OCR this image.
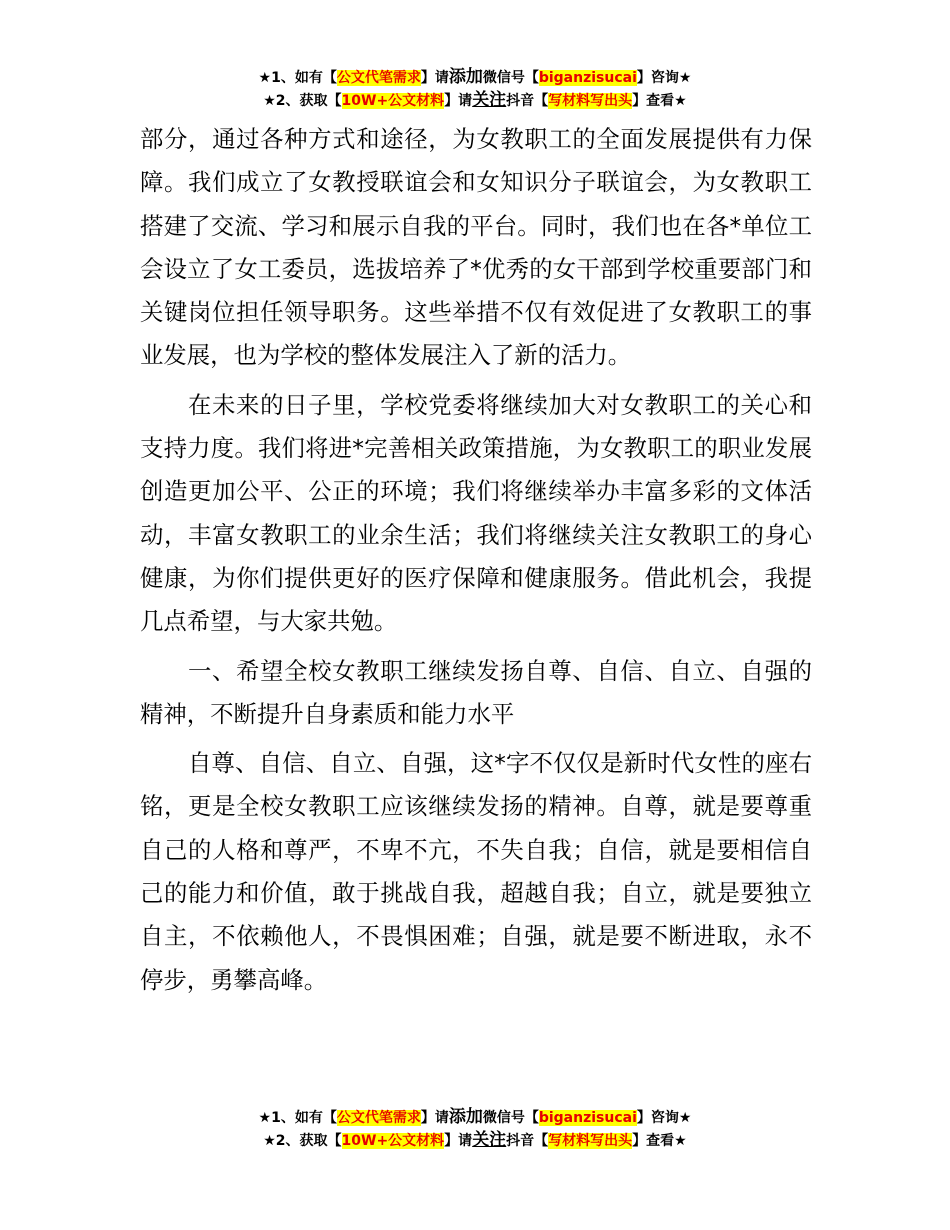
★1、如有【公文代笔需求】请添加微信号【biganzisucai】咨询★
★2、获取【10W+公文材料】请关注抖音【写材料写出头】查看★

部分，通过各种方式和途径，为女教职工的全面发展提供有力保障。我们成立了女教授联谊会和女知识分子联谊会，为女教职工搭建了交流、学习和展示自我的平台。同时，我们也在各*单位工会设立了女工委员，选拔培养了*优秀的女干部到学校重要部门和关键岗位担任领导职务。这些举措不仅有效促进了女教职工的事业发展，也为学校的整体发展注入了新的活力。

在未来的日子里，学校党委将继续加大对女教职工的关心和支持力度。我们将进*完善相关政策措施，为女教职工的职业发展创造更加公平、公正的环境；我们将继续举办丰富多彩的文体活动，丰富女教职工的业余生活；我们将继续关注女教职工的身心健康，为你们提供更好的医疗保障和健康服务。借此机会，我提几点希望，与大家共勉。

一、希望全校女教职工继续发扬自尊、自信、自立、自强的精神，不断提升自身素质和能力水平

自尊、自信、自立、自强，这*字不仅仅是新时代女性的座右铭，更是全校女教职工应该继续发扬的精神。自尊，就是要尊重自己的人格和尊严，不卑不亢，不失自我；自信，就是要相信自己的能力和价值，敢于挑战自我，超越自我；自立，就是要独立自主，不依赖他人，不畏惧困难；自强，就是要不断进取，永不停步，勇攀高峰。

★1、如有【公文代笔需求】请添加微信号【biganzisucai】咨询★
★2、获取【10W+公文材料】请关注抖音【写材料写出头】查看★
